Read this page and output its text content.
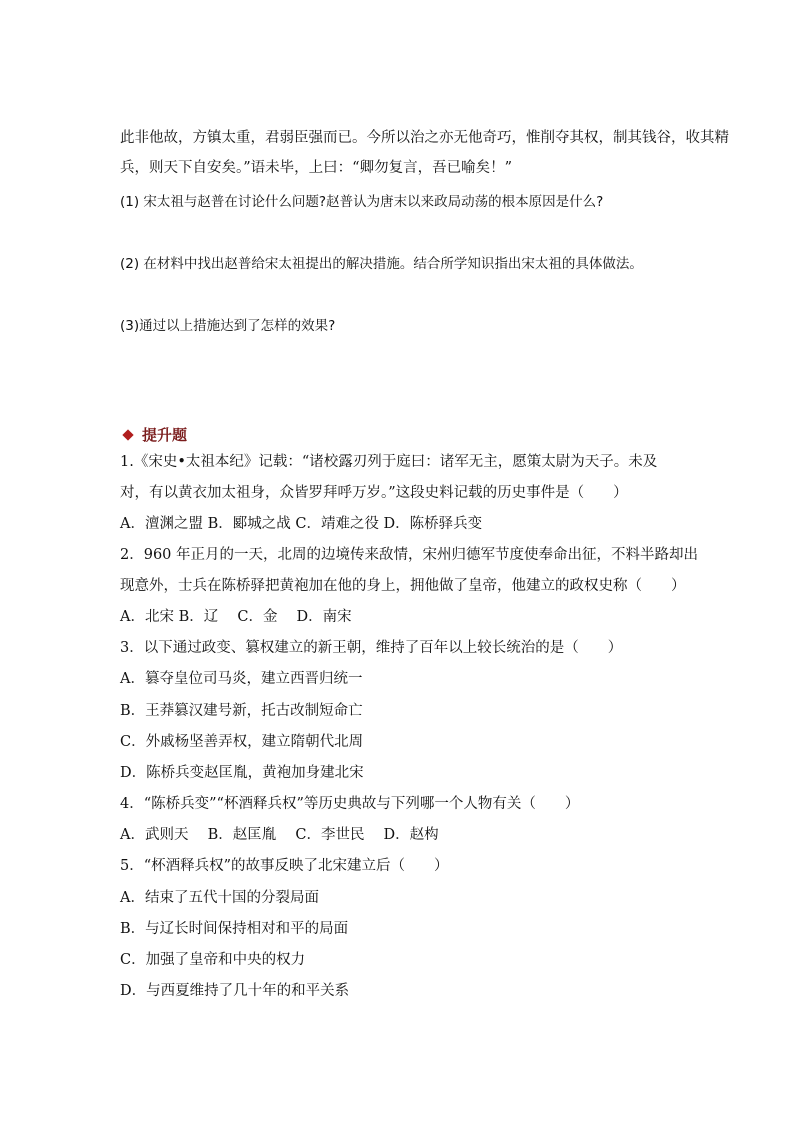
此非他故，方镇太重，君弱臣强而已。今所以治之亦无他奇巧，惟削夺其权，制其钱谷，收其精
兵，则天下自安矣。”语未毕，上曰：“卿勿复言，吾已喻矣！”
(1) 宋太祖与赵普在讨论什么问题?赵普认为唐末以来政局动荡的根本原因是什么?
(2) 在材料中找出赵普给宋太祖提出的解决措施。结合所学知识指出宋太祖的具体做法。
(3)通过以上措施达到了怎样的效果?
提升题
1.《宋史•太祖本纪》记载：“诸校露刃列于庭曰：诸军无主，愿策太尉为天子。未及
对，有以黄衣加太祖身，众皆罗拜呼万岁。”这段史料记载的历史事件是（　　）
A．澶渊之盟 B．郾城之战 C．靖难之役 D．陈桥驿兵变
2．960 年正月的一天，北周的边境传来敌情，宋州归德军节度使奉命出征，不料半路却出
现意外，士兵在陈桥驿把黄袍加在他的身上，拥他做了皇帝，他建立的政权史称（　　）
A．北宋 B．辽　 C．金　 D．南宋
3．以下通过政变、篡权建立的新王朝，维持了百年以上较长统治的是（　　）
A．篡夺皇位司马炎，建立西晋归统一
B．王莽篡汉建号新，托古改制短命亡
C．外戚杨坚善弄权，建立隋朝代北周
D．陈桥兵变赵匡胤，黄袍加身建北宋
4．“陈桥兵变”“杯酒释兵权”等历史典故与下列哪一个人物有关（　　）
A．武则天　 B．赵匡胤　 C．李世民　 D．赵构
5．“杯酒释兵权”的故事反映了北宋建立后（　　）
A．结束了五代十国的分裂局面
B．与辽长时间保持相对和平的局面
C．加强了皇帝和中央的权力
D．与西夏维持了几十年的和平关系
